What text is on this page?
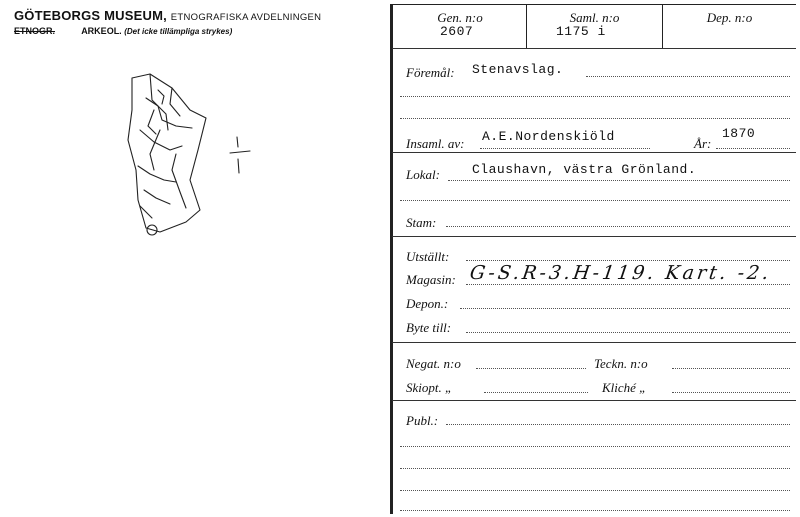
GÖTEBORGS MUSEUM, ETNOGRAFISKA AVDELNINGEN
ETNOGR.	ARKEOL. (Det icke tillämpliga strykes)
Gen. n:o
2607
Saml. n:o
1175 i
Dep. n:o
Föremål: Stenavslag.
Insaml. av: A.E.Nordenskiöld	År:
1870
Lokal: Claushavn, västra Grönland.
Stam:
Utställt:
Magasin: G-S.R-3.H-119. Kart. -2.
Depon.:
Byte till:
Negat. n:o	Teckn. n:o
Skiopt. „	Kliché „
Publ.:
